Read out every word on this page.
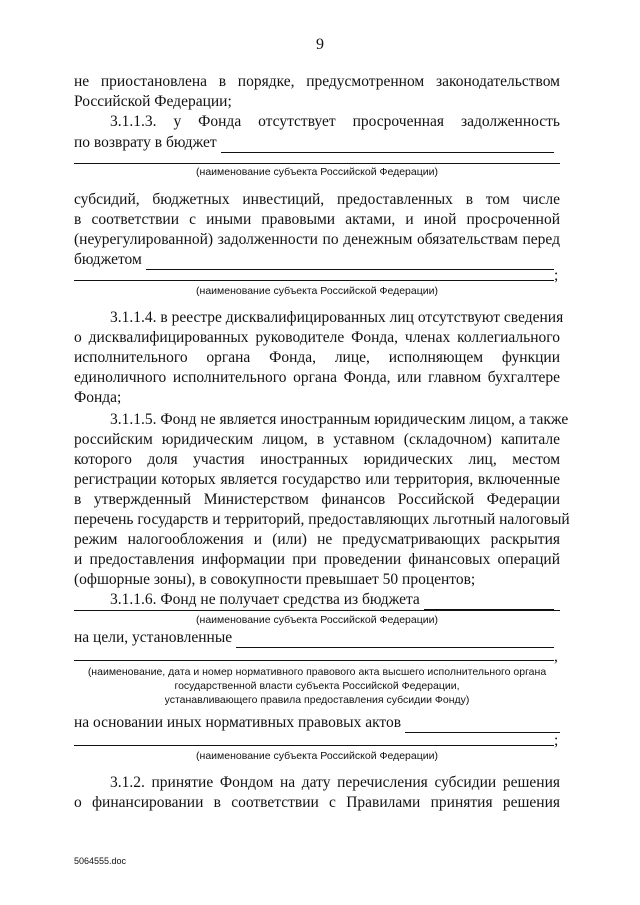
9
не приостановлена в порядке, предусмотренном законодательством
Российской Федерации;
3.1.1.3. у Фонда отсутствует просроченная задолженность
по возврату в бюджет
(наименование субъекта Российской Федерации)
субсидий, бюджетных инвестиций, предоставленных в том числе
в соответствии с иными правовыми актами, и иной просроченной
(неурегулированной) задолженности по денежным обязательствам перед
бюджетом
;
(наименование субъекта Российской Федерации)
3.1.1.4. в реестре дисквалифицированных лиц отсутствуют сведения
о дисквалифицированных руководителе Фонда, членах коллегиального
исполнительного органа Фонда, лице, исполняющем функции
единоличного исполнительного органа Фонда, или главном бухгалтере
Фонда;
3.1.1.5. Фонд не является иностранным юридическим лицом, а также
российским юридическим лицом, в уставном (складочном) капитале
которого доля участия иностранных юридических лиц, местом
регистрации которых является государство или территория, включенные
в утвержденный Министерством финансов Российской Федерации
перечень государств и территорий, предоставляющих льготный налоговый
режим налогообложения и (или) не предусматривающих раскрытия
и предоставления информации при проведении финансовых операций
(офшорные зоны), в совокупности превышает 50 процентов;
3.1.1.6. Фонд не получает средства из бюджета
(наименование субъекта Российской Федерации)
на цели, установленные
,
(наименование, дата и номер нормативного правового акта высшего исполнительного органа
государственной власти субъекта Российской Федерации,
устанавливающего правила предоставления субсидии Фонду)
на основании иных нормативных правовых актов
;
(наименование субъекта Российской Федерации)
3.1.2. принятие Фондом на дату перечисления субсидии решения
о финансировании в соответствии с Правилами принятия решения
5064555.doc
